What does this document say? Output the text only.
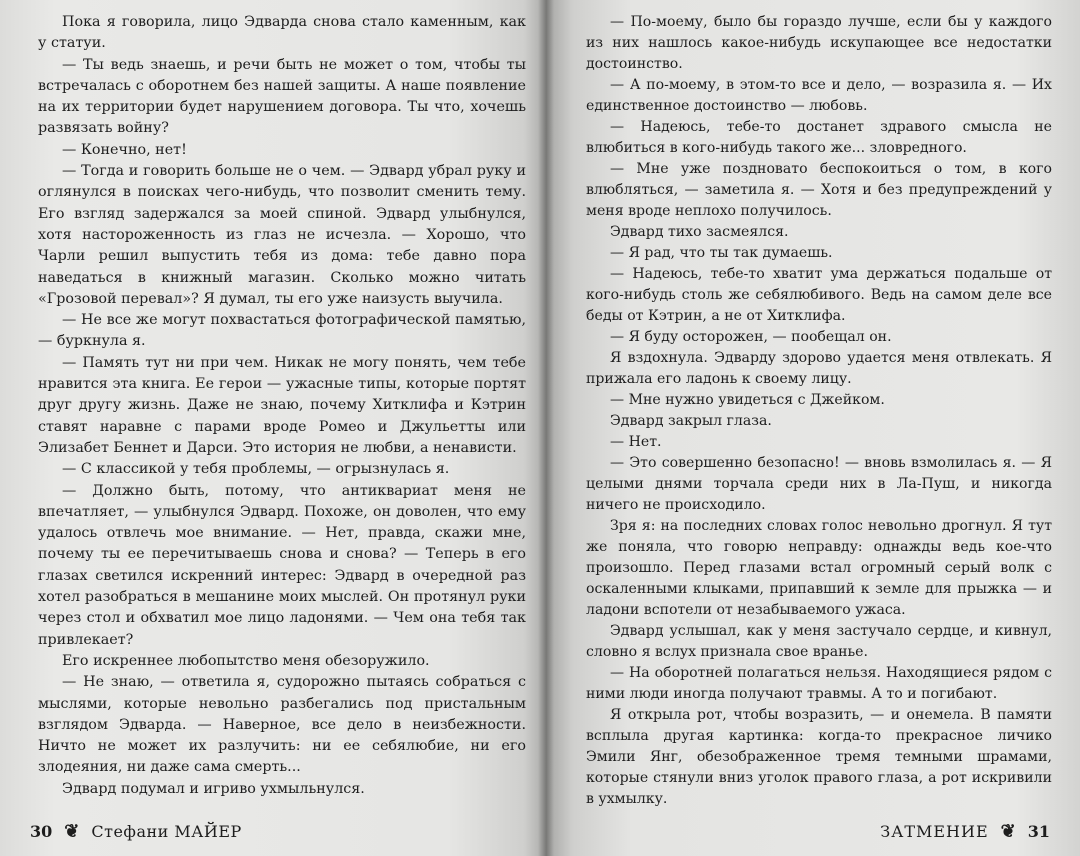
Пока я говорила, лицо Эдварда снова стало каменным, как у статуи.

— Ты ведь знаешь, и речи быть не может о том, чтобы ты встречалась с оборотнем без нашей защиты. А наше появление на их территории будет нарушением договора. Ты что, хочешь развязать войну?

— Конечно, нет!

— Тогда и говорить больше не о чем. — Эдвард убрал руку и оглянулся в поисках чего-нибудь, что позволит сменить тему. Его взгляд задержался за моей спиной. Эдвард улыбнулся, хотя настороженность из глаз не исчезла. — Хорошо, что Чарли решил выпустить тебя из дома: тебе давно пора наведаться в книжный магазин. Сколько можно читать «Грозовой перевал»? Я думал, ты его уже наизусть выучила.

— Не все же могут похвастаться фотографической памятью, — буркнула я.

— Память тут ни при чем. Никак не могу понять, чем тебе нравится эта книга. Ее герои — ужасные типы, которые портят друг другу жизнь. Даже не знаю, почему Хитклифа и Кэтрин ставят наравне с парами вроде Ромео и Джульетты или Элизабет Беннет и Дарси. Это история не любви, а ненависти.

— С классикой у тебя проблемы, — огрызнулась я.

— Должно быть, потому, что антиквариат меня не впечатляет, — улыбнулся Эдвард. Похоже, он доволен, что ему удалось отвлечь мое внимание. — Нет, правда, скажи мне, почему ты ее перечитываешь снова и снова? — Теперь в его глазах светился искренний интерес: Эдвард в очередной раз хотел разобраться в мешанине моих мыслей. Он протянул руки через стол и обхватил мое лицо ладонями. — Чем она тебя так привлекает?

Его искреннее любопытство меня обезоружило.

— Не знаю, — ответила я, судорожно пытаясь собраться с мыслями, которые невольно разбегались под пристальным взглядом Эдварда. — Наверное, все дело в неизбежности. Ничто не может их разлучить: ни ее себялюбие, ни его злодеяния, ни даже сама смерть...

Эдвард подумал и игриво ухмыльнулся.

30 ❦ Стефани МАЙЕР

— По-моему, было бы гораздо лучше, если бы у каждого из них нашлось какое-нибудь искупающее все недостатки достоинство.

— А по-моему, в этом-то все и дело, — возразила я. — Их единственное достоинство — любовь.

— Надеюсь, тебе-то достанет здравого смысла не влюбиться в кого-нибудь такого же... зловредного.

— Мне уже поздновато беспокоиться о том, в кого влюбляться, — заметила я. — Хотя и без предупреждений у меня вроде неплохо получилось.

Эдвард тихо засмеялся.

— Я рад, что ты так думаешь.

— Надеюсь, тебе-то хватит ума держаться подальше от кого-нибудь столь же себялюбивого. Ведь на самом деле все беды от Кэтрин, а не от Хитклифа.

— Я буду осторожен, — пообещал он.

Я вздохнула. Эдварду здорово удается меня отвлекать. Я прижала его ладонь к своему лицу.

— Мне нужно увидеться с Джейком.

Эдвард закрыл глаза.

— Нет.

— Это совершенно безопасно! — вновь взмолилась я. — Я целыми днями торчала среди них в Ла-Пуш, и никогда ничего не происходило.

Зря я: на последних словах голос невольно дрогнул. Я тут же поняла, что говорю неправду: однажды ведь кое-что произошло. Перед глазами встал огромный серый волк с оскаленными клыками, припавший к земле для прыжка — и ладони вспотели от незабываемого ужаса.

Эдвард услышал, как у меня застучало сердце, и кивнул, словно я вслух признала свое вранье.

— На оборотней полагаться нельзя. Находящиеся рядом с ними люди иногда получают травмы. А то и погибают.

Я открыла рот, чтобы возразить, — и онемела. В памяти всплыла другая картинка: когда-то прекрасное личико Эмили Янг, обезображенное тремя темными шрамами, которые стянули вниз уголок правого глаза, а рот искривили в ухмылку.

ЗАТМЕНИЕ ❦ 31
